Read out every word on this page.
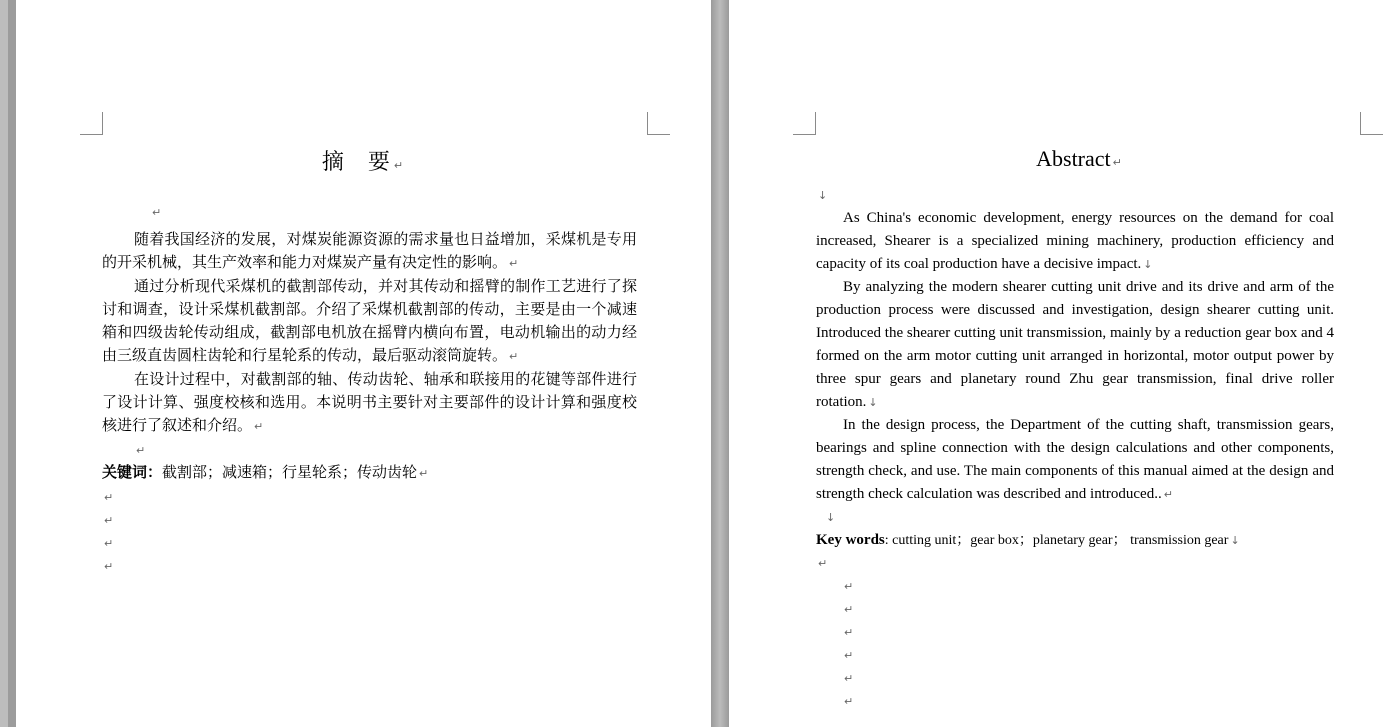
摘 要 ↵
↵

随着我国经济的发展，对煤炭能源资源的需求量也日益增加，采煤机是专用的开采机械，其生产效率和能力对煤炭产量有决定性的影响。 ↵

通过分析现代采煤机的截割部传动，并对其传动和摇臂的制作工艺进行了探讨和调查，设计采煤机截割部。介绍了采煤机截割部的传动，主要是由一个减速箱和四级齿轮传动组成，截割部电机放在摇臂内横向布置，电动机输出的动力经由三级直齿圆柱齿轮和行星轮系的传动，最后驱动滚筒旋转。 ↵

在设计过程中，对截割部的轴、传动齿轮、轴承和联接用的花键等部件进行了设计计算、强度校核和选用。本说明书主要针对主要部件的设计计算和强度校核进行了叙述和介绍。 ↵

↵
关键词：截割部；减速箱；行星轮系；传动齿轮 ↵
↵
↵
↵
↵
Abstract ↵
↓

As China's economic development, energy resources on the demand for coal increased, Shearer is a specialized mining machinery, production efficiency and capacity of its coal production have a decisive impact. ↓

By analyzing the modern shearer cutting unit drive and its drive and arm of the production process were discussed and investigation, design shearer cutting unit. Introduced the shearer cutting unit transmission, mainly by a reduction gear box and 4 formed on the arm motor cutting unit arranged in horizontal, motor output power by three spur gears and planetary round Zhu gear transmission, final drive roller rotation. ↓

In the design process, the Department of the cutting shaft, transmission gears, bearings and spline connection with the design calculations and other components, strength check, and use. The main components of this manual aimed at the design and strength check calculation was described and introduced.. ↵

↓
Key words: cutting unit；gear box；planetary gear； transmission gear ↓
↵
↵
↵
↵
↵
↵
↵
